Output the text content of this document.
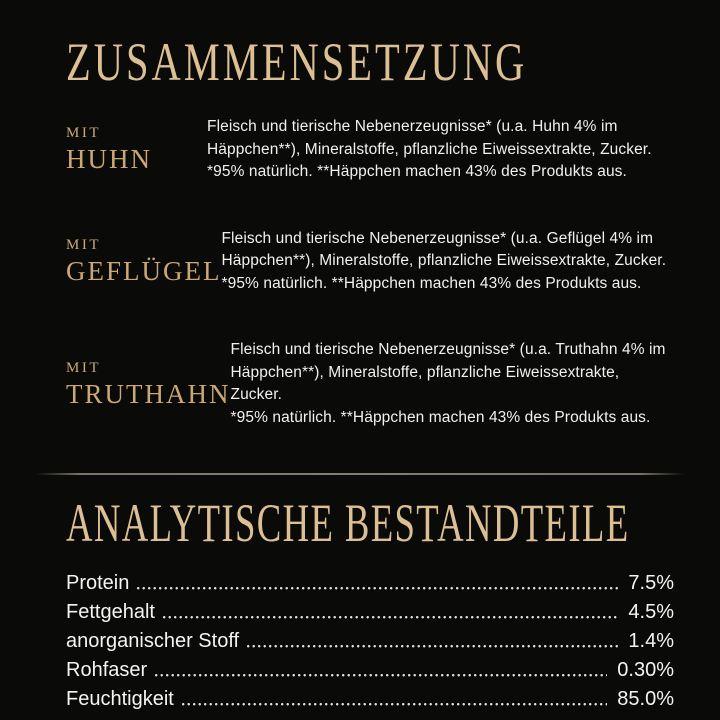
ZUSAMMENSETZUNG
MIT
HUHN
Fleisch und tierische Nebenerzeugnisse* (u.a. Huhn 4% im
Häppchen**), Mineralstoffe, pflanzliche Eiweissextrakte, Zucker.
*95% natürlich. **Häppchen machen 43% des Produkts aus.
MIT
GEFLÜGEL
Fleisch und tierische Nebenerzeugnisse* (u.a. Geflügel 4% im
Häppchen**), Mineralstoffe, pflanzliche Eiweissextrakte, Zucker.
*95% natürlich. **Häppchen machen 43% des Produkts aus.
MIT
TRUTHAHN
Fleisch und tierische Nebenerzeugnisse* (u.a. Truthahn 4% im
Häppchen**), Mineralstoffe, pflanzliche Eiweissextrakte, Zucker.
*95% natürlich. **Häppchen machen 43% des Produkts aus.
ANALYTISCHE BESTANDTEILE
Protein	7.5%
Fettgehalt	4.5%
anorganischer Stoff	1.4%
Rohfaser	0.30%
Feuchtigkeit	85.0%
